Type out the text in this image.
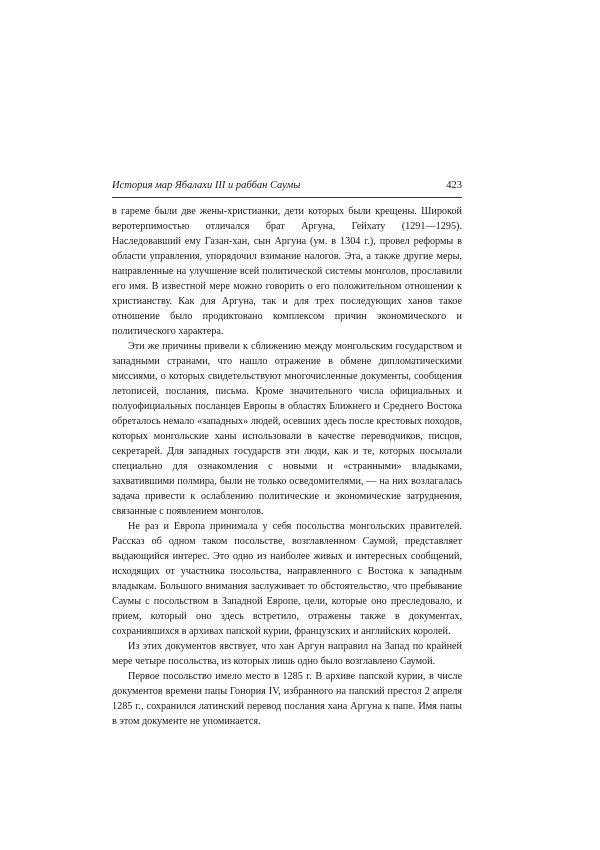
История мар Ябалахи III и раббан Саумы	423

в гареме были две жены-христианки, дети которых были крещены. Широкой веротерпимостью отличался брат Аргуна, Гейхату (1291—1295). Наследовавший ему Газан-хан, сын Аргуна (ум. в 1304 г.), провел реформы в области управления, упорядочил взимание налогов. Эта, а также другие меры, направленные на улучшение всей политической системы монголов, прославили его имя. В известной мере можно говорить о его положительном отношении к христианству. Как для Аргуна, так и для трех последующих ханов такое отношение было продиктовано комплексом причин экономического и политического характера.

Эти же причины привели к сближению между монгольским государством и западными странами, что нашло отражение в обмене дипломатическими миссиями, о которых свидетельствуют многочисленные документы, сообщения летописей, послания, письма. Кроме значительного числа официальных и полуофициальных посланцев Европы в областях Ближнего и Среднего Востока обреталось немало «западных» людей, осевших здесь после крестовых походов, которых монгольские ханы использовали в качестве переводчиков, писцов, секретарей. Для западных государств эти люди, как и те, которых посылали специально для ознакомления с новыми и «странными» владыками, захватившими полмира, были не только осведомителями, — на них возлагалась задача привести к ослаблению политические и экономические затруднения, связанные с появлением монголов.

Не раз и Европа принимала у себя посольства монгольских правителей. Рассказ об одном таком посольстве, возглавленном Саумой, представляет выдающийся интерес. Это одно из наиболее живых и интересных сообщений, исходящих от участника посольства, направленного с Востока к западным владыкам. Большого внимания заслуживает то обстоятельство, что пребывание Саумы с посольством в Западной Европе, цели, которые оно преследовало, и прием, который оно здесь встретило, отражены также в документах, сохранившихся в архивах папской курии, французских и английских королей.

Из этих документов явствует, что хан Аргун направил на Запад по крайней мере четыре посольства, из которых лишь одно было возглавлено Саумой.

Первое посольство имело место в 1285 г. В архиве папской курии, в числе документов времени папы Гонория IV, избранного на папский престол 2 апреля 1285 г., сохранился латинский перевод послания хана Аргуна к папе. Имя папы в этом документе не упоминается.
